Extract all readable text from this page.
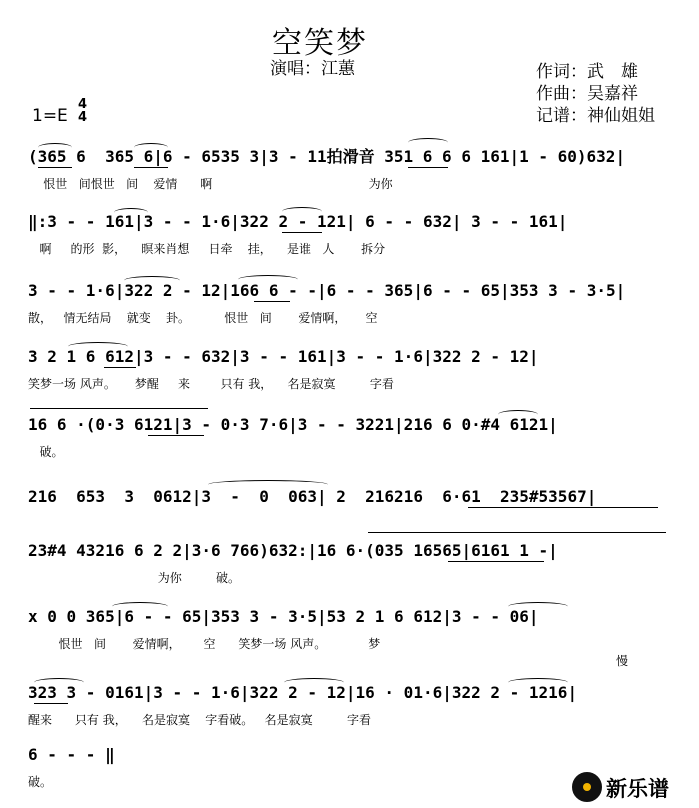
空笑梦
演唱：江蕙	作词：武　雄
作曲：吴嘉祥
记谱：神仙姐姐
1=E
4
4
(365 6  365 6|6 - 6535 3|3 - 11拍滑音 351 6 6 6 161|1 - 60)632|
恨世   间恨世   间    爱情      啊                                         为你
‖:3 - - 161|3 - - 1·6|322 2 - 121| 6 - - 632| 3 - - 161|
啊     的形  影，    暝来肖想     日牵    挂，    是谁   人       拆分
3 - - 1·6|322 2 - 12|166 6 - -|6 - - 365|6 - - 65|353 3 - 3·5|
散，   情无结局    就变    卦。         恨世   间       爱情啊，     空
3 2 1 6 612|3 - - 632|3 - - 161|3 - - 1·6|322 2 - 12|
笑梦一场 风声。     梦醒     来        只有 我，    名是寂寞         字看
16 6 ·(0·3 6121|3 - 0·3 7·6|3 - - 3221|216 6 0·#4 6121|
破。
216  653  3  0612|3  -  0  063| 2  216216  6·61  235#53567|
23#4 43216 6 2 2|3·6 766)632:|16 6·(035 16565|6161 1 -|
为你         破。
x 0 0 365|6 - - 65|353 3 - 3·5|53 2 1 6 612|3 - - 06|
恨世   间       爱情啊，      空      笑梦一场 风声。           梦
慢
323 3 - 0161|3 - - 1·6|322 2 - 12|16 · 01·6|322 2 - 1216|
醒来      只有 我，    名是寂寞    字看破。   名是寂寞         字看
6 - - - ‖
破。	新乐谱
